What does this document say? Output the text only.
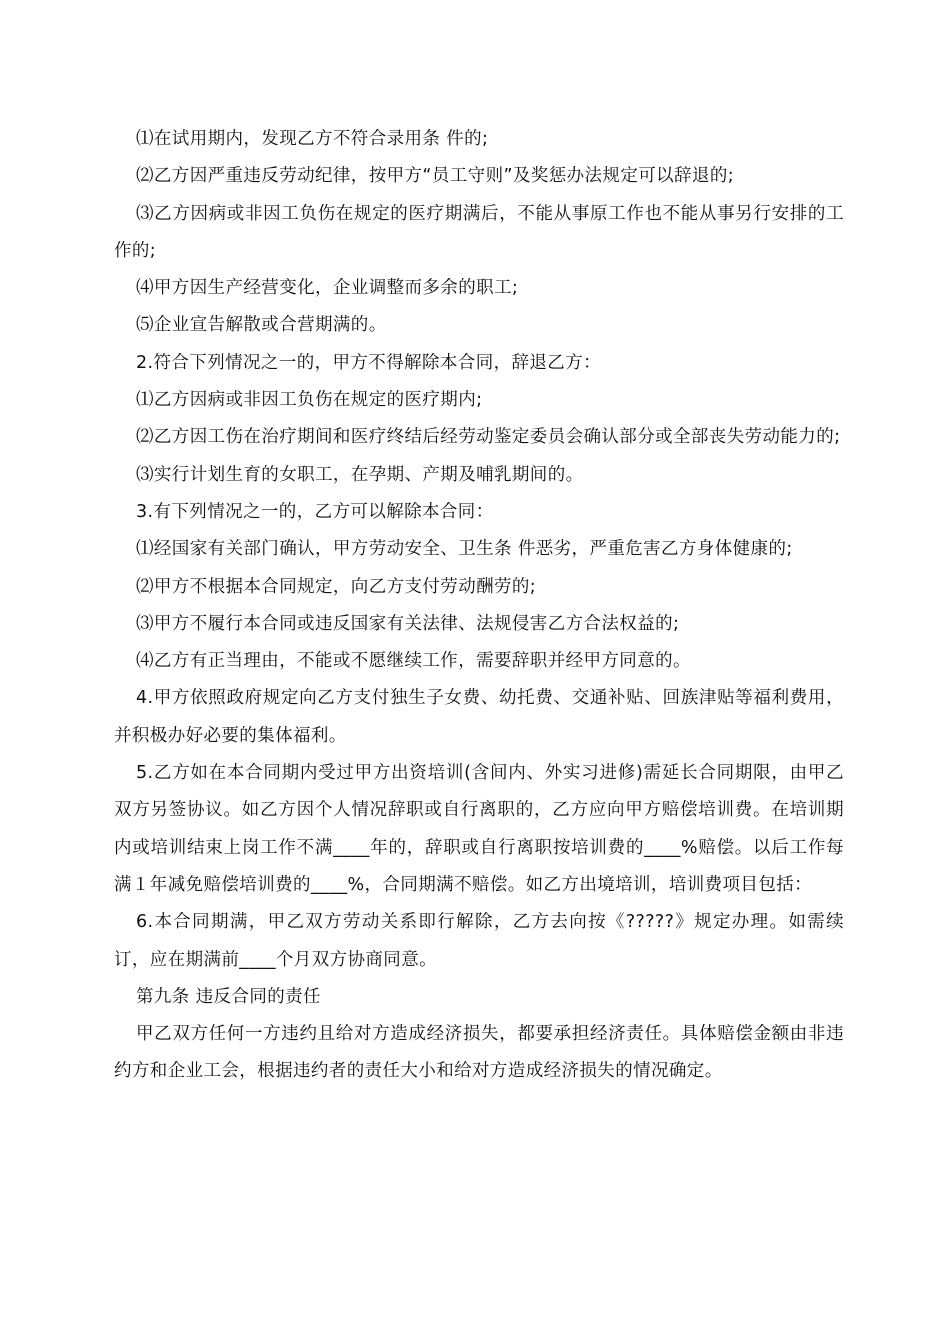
⑴在试用期内，发现乙方不符合录用条 件的;

⑵乙方因严重违反劳动纪律，按甲方“员工守则”及奖惩办法规定可以辞退的;

⑶乙方因病或非因工负伤在规定的医疗期满后，不能从事原工作也不能从事另行安排的工作的;

⑷甲方因生产经营变化，企业调整而多余的职工;

⑸企业宣告解散或合营期满的。

2.符合下列情况之一的，甲方不得解除本合同，辞退乙方：

⑴乙方因病或非因工负伤在规定的医疗期内;

⑵乙方因工伤在治疗期间和医疗终结后经劳动鉴定委员会确认部分或全部丧失劳动能力的;

⑶实行计划生育的女职工，在孕期、产期及哺乳期间的。

3.有下列情况之一的，乙方可以解除本合同：

⑴经国家有关部门确认，甲方劳动安全、卫生条 件恶劣，严重危害乙方身体健康的;

⑵甲方不根据本合同规定，向乙方支付劳动酬劳的;

⑶甲方不履行本合同或违反国家有关法律、法规侵害乙方合法权益的;

⑷乙方有正当理由，不能或不愿继续工作，需要辞职并经甲方同意的。

4.甲方依照政府规定向乙方支付独生子女费、幼托费、交通补贴、回族津贴等福利费用，并积极办好必要的集体福利。

5.乙方如在本合同期内受过甲方出资培训(含间内、外实习进修)需延长合同期限，由甲乙双方另签协议。如乙方因个人情况辞职或自行离职的，乙方应向甲方赔偿培训费。在培训期内或培训结束上岗工作不满____年的，辞职或自行离职按培训费的____%赔偿。以后工作每满１年减免赔偿培训费的____%，合同期满不赔偿。如乙方出境培训，培训费项目包括：

6.本合同期满，甲乙双方劳动关系即行解除，乙方去向按《?????》规定办理。如需续订，应在期满前____个月双方协商同意。

第九条 违反合同的责任

甲乙双方任何一方违约且给对方造成经济损失，都要承担经济责任。具体赔偿金额由非违约方和企业工会，根据违约者的责任大小和给对方造成经济损失的情况确定。
